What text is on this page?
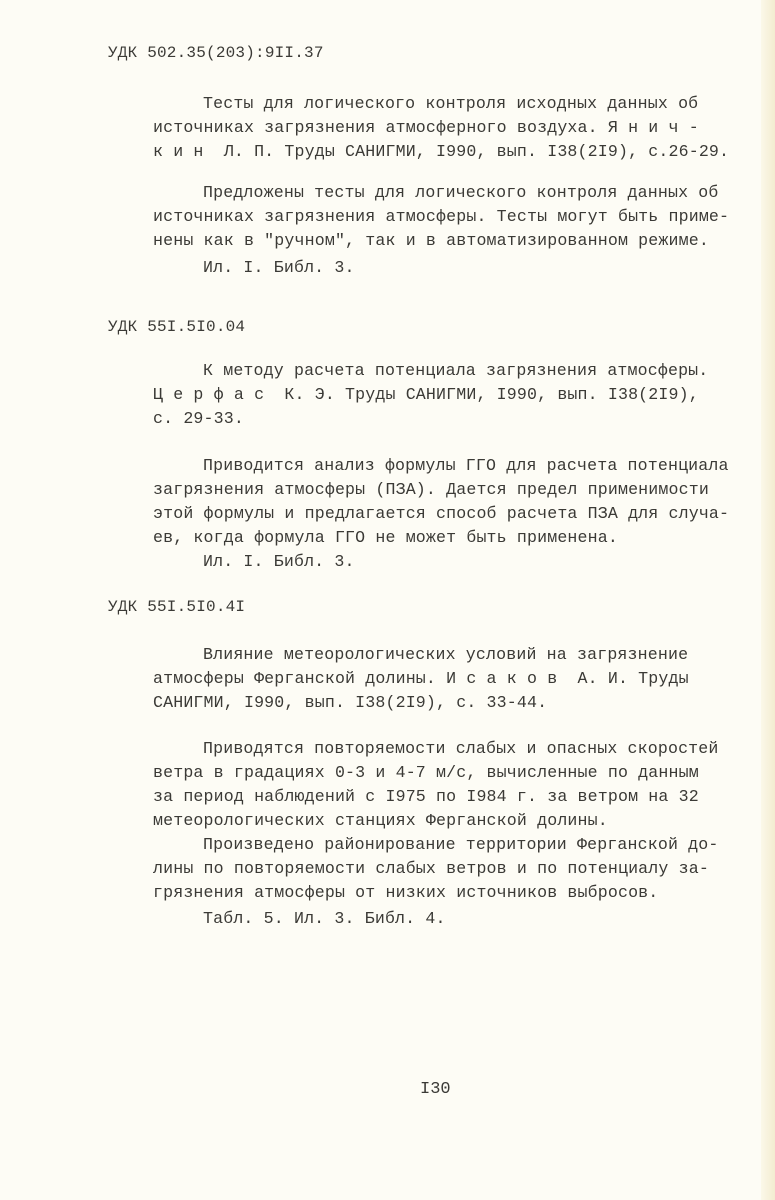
УДК 502.35(203):9II.37
Тесты для логического контроля исходных данных об
источниках загрязнения атмосферного воздуха. Я н и ч -
к и н  Л. П. Труды САНИГМИ, I990, вып. I38(2I9), с.26-29.
Предложены тесты для логического контроля данных об
источниках загрязнения атмосферы. Тесты могут быть приме-
нены как в "ручном", так и в автоматизированном режиме.
Ил. I. Библ. 3.
УДК 55I.5I0.04
К методу расчета потенциала загрязнения атмосферы.
Ц е р ф а с  К. Э. Труды САНИГМИ, I990, вып. I38(2I9),
с. 29-33.
Приводится анализ формулы ГГО для расчета потенциала
загрязнения атмосферы (ПЗА). Дается предел применимости
этой формулы и предлагается способ расчета ПЗА для случа-
ев, когда формула ГГО не может быть применена.
Ил. I. Библ. 3.
УДК 55I.5I0.4I
Влияние метеорологических условий на загрязнение
атмосферы Ферганской долины. И с а к о в  А. И. Труды
САНИГМИ, I990, вып. I38(2I9), с. 33-44.
Приводятся повторяемости слабых и опасных скоростей
ветра в градациях 0-3 и 4-7 м/с, вычисленные по данным
за период наблюдений с I975 по I984 г. за ветром на 32
метеорологических станциях Ферганской долины.
Произведено районирование территории Ферганской до-
лины по повторяемости слабых ветров и по потенциалу за-
грязнения атмосферы от низких источников выбросов.
Табл. 5. Ил. 3. Библ. 4.
I30
